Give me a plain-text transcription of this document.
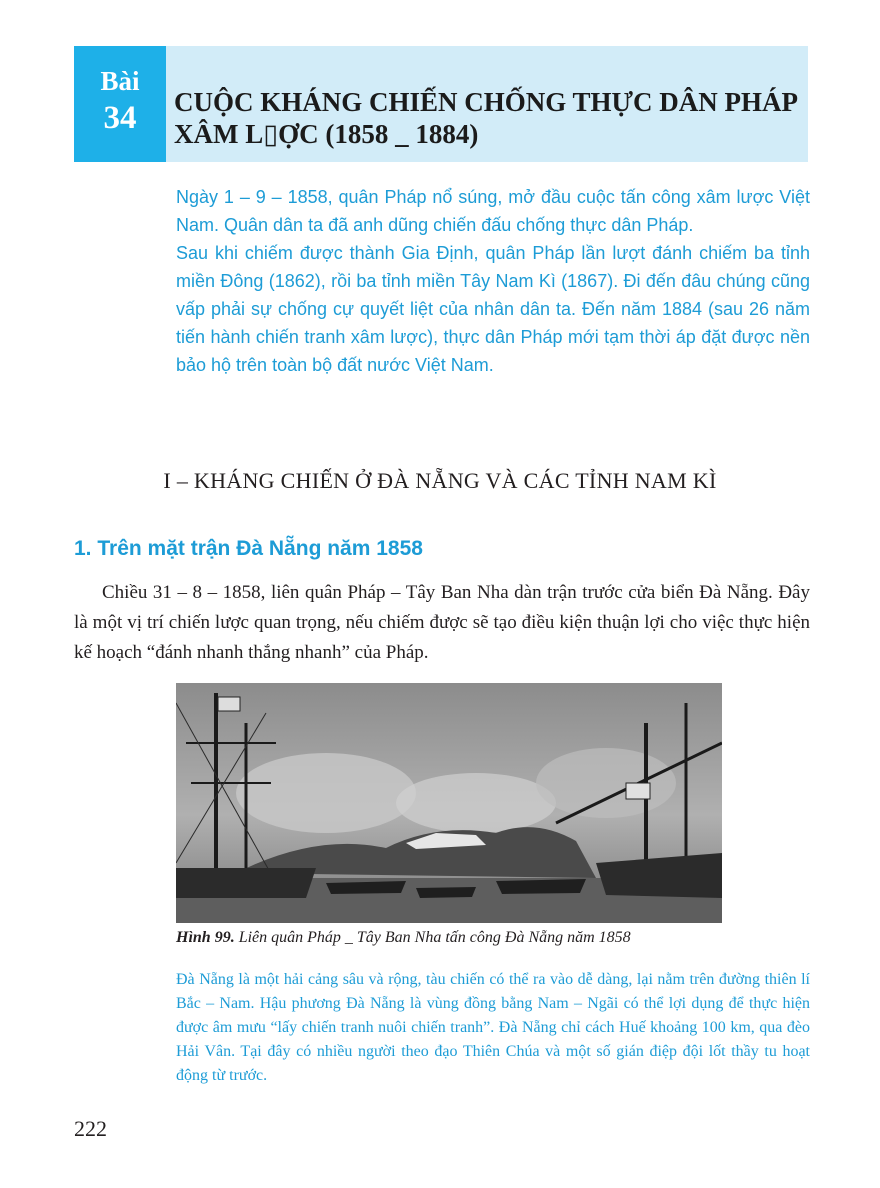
Bài
34	CUỘC KHÁNG CHIẾN CHỐNG THỰC DÂN PHÁP
XÂM L▯ỢC (1858 _ 1884)

Ngày 1 – 9 – 1858, quân Pháp nổ súng, mở đầu cuộc tấn công xâm lược Việt Nam. Quân dân ta đã anh dũng chiến đấu chống thực dân Pháp.

Sau khi chiếm được thành Gia Định, quân Pháp lần lượt đánh chiếm ba tỉnh miền Đông (1862), rồi ba tỉnh miền Tây Nam Kì (1867). Đi đến đâu chúng cũng vấp phải sự chống cự quyết liệt của nhân dân ta. Đến năm 1884 (sau 26 năm tiến hành chiến tranh xâm lược), thực dân Pháp mới tạm thời áp đặt được nền bảo hộ trên toàn bộ đất nước Việt Nam.

I – KHÁNG CHIẾN Ở ĐÀ NẴNG VÀ CÁC TỈNH NAM KÌ
1. Trên mặt trận Đà Nẵng năm 1858

Chiều 31 – 8 – 1858, liên quân Pháp – Tây Ban Nha dàn trận trước cửa biển Đà Nẵng. Đây là một vị trí chiến lược quan trọng, nếu chiếm được sẽ tạo điều kiện thuận lợi cho việc thực hiện kế hoạch “đánh nhanh thắng nhanh” của Pháp.

Hình 99. Liên quân Pháp _ Tây Ban Nha tấn công Đà Nẵng năm 1858
Đà Nẵng là một hải cảng sâu và rộng, tàu chiến có thể ra vào dễ dàng, lại nằm trên đường thiên lí Bắc – Nam. Hậu phương Đà Nẵng là vùng đồng bằng Nam – Ngãi có thể lợi dụng để thực hiện được âm mưu “lấy chiến tranh nuôi chiến tranh”. Đà Nẵng chỉ cách Huế khoảng 100 km, qua đèo Hải Vân. Tại đây có nhiều người theo đạo Thiên Chúa và một số gián điệp đội lốt thầy tu hoạt động từ trước.
222
